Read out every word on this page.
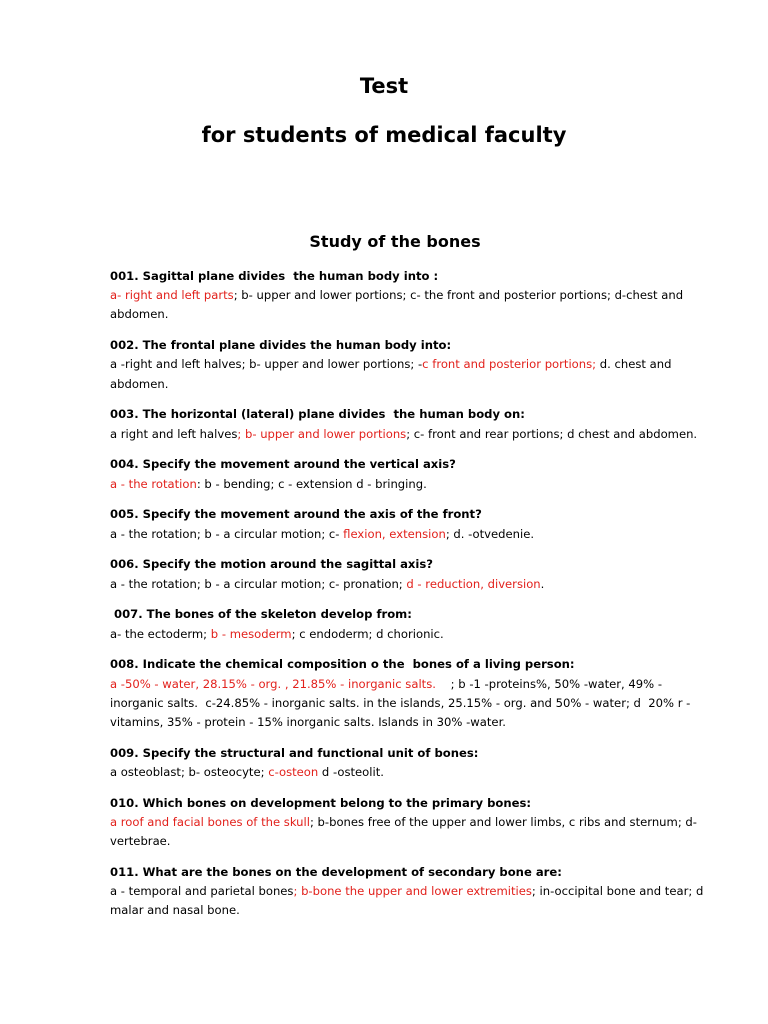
Test
for students of medical faculty
Study of the bones
001. Sagittal plane divides  the human body into :
a- right and left parts; b- upper and lower portions; c- the front and posterior portions; d-chest and abdomen.
002. The frontal plane divides the human body into:
a -right and left halves; b- upper and lower portions; -c front and posterior portions; d. chest and abdomen.
003. The horizontal (lateral) plane divides  the human body on:
a right and left halves; b- upper and lower portions; c- front and rear portions; d chest and abdomen.
004. Specify the movement around the vertical axis?
a - the rotation: b - bending; c - extension d - bringing.
005. Specify the movement around the axis of the front?
a - the rotation; b - a circular motion; c- flexion, extension; d. -otvedenie.
006. Specify the motion around the sagittal axis?
a - the rotation; b - a circular motion; c- pronation; d - reduction, diversion.
007. The bones of the skeleton develop from:
a- the ectoderm; b - mesoderm; c endoderm; d chorionic.
008. Indicate the chemical composition o the  bones of a living person:
a -50% - water, 28.15% - org. , 21.85% - inorganic salts.    ; b -1 -proteins%, 50% -water, 49% - inorganic salts.  c-24.85% - inorganic salts. in the islands, 25.15% - org. and 50% - water; d  20% r - vitamins, 35% - protein - 15% inorganic salts. Islands in 30% -water.
009. Specify the structural and functional unit of bones:
a osteoblast; b- osteocyte; c-osteon d -osteolit.
010. Which bones on development belong to the primary bones:
a roof and facial bones of the skull; b-bones free of the upper and lower limbs, c ribs and sternum; d- vertebrae.
011. What are the bones on the development of secondary bone are:
a - temporal and parietal bones; b-bone the upper and lower extremities; in-occipital bone and tear; d malar and nasal bone.
